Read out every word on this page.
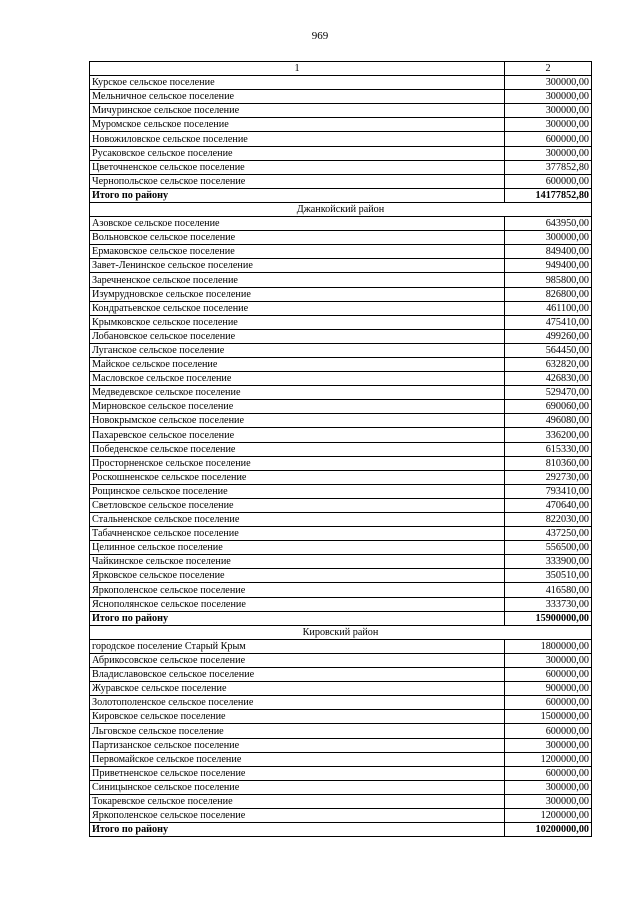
969
1	2
Курское сельское поселение	300000,00
Мельничное сельское поселение	300000,00
Мичуринское сельское поселение	300000,00
Муромское сельское поселение	300000,00
Новожиловское сельское поселение	600000,00
Русаковское сельское поселение	300000,00
Цветочненское сельское поселение	377852,80
Чернопольское сельское поселение	600000,00
Итого по району	14177852,80
Джанкойский район	
Азовское сельское поселение	643950,00
Вольновское сельское поселение	300000,00
Ермаковское сельское поселение	849400,00
Завет-Ленинское сельское поселение	949400,00
Заречненское сельское поселение	985800,00
Изумрудновское сельское поселение	826800,00
Кондратьевское сельское поселение	461100,00
Крымковское сельское поселение	475410,00
Лобановское сельское поселение	499260,00
Луганское сельское поселение	564450,00
Майское сельское поселение	632820,00
Масловское сельское поселение	426830,00
Медведевское сельское поселение	529470,00
Мирновское сельское поселение	690060,00
Новокрымское сельское поселение	496080,00
Пахаревское сельское поселение	336200,00
Победенское сельское поселение	615330,00
Просторненское сельское поселение	810360,00
Роскошненское сельское поселение	292730,00
Рощинское сельское поселение	793410,00
Светловское сельское поселение	470640,00
Стальненское сельское поселение	822030,00
Табачненское сельское поселение	437250,00
Целинное сельское поселение	556500,00
Чайкинское сельское поселение	333900,00
Ярковское сельское поселение	350510,00
Яркополенское сельское поселение	416580,00
Яснополянское сельское поселение	333730,00
Итого по району	15900000,00
Кировский район	
городское поселение Старый Крым	1800000,00
Абрикосовское сельское поселение	300000,00
Владиславовское сельское поселение	600000,00
Журавское сельское поселение	900000,00
Золотополенское сельское поселение	600000,00
Кировское сельское поселение	1500000,00
Льговское сельское поселение	600000,00
Партизанское сельское поселение	300000,00
Первомайское сельское поселение	1200000,00
Приветненское сельское поселение	600000,00
Синицынское сельское поселение	300000,00
Токаревское сельское поселение	300000,00
Яркополенское сельское поселение	1200000,00
Итого по району	10200000,00
